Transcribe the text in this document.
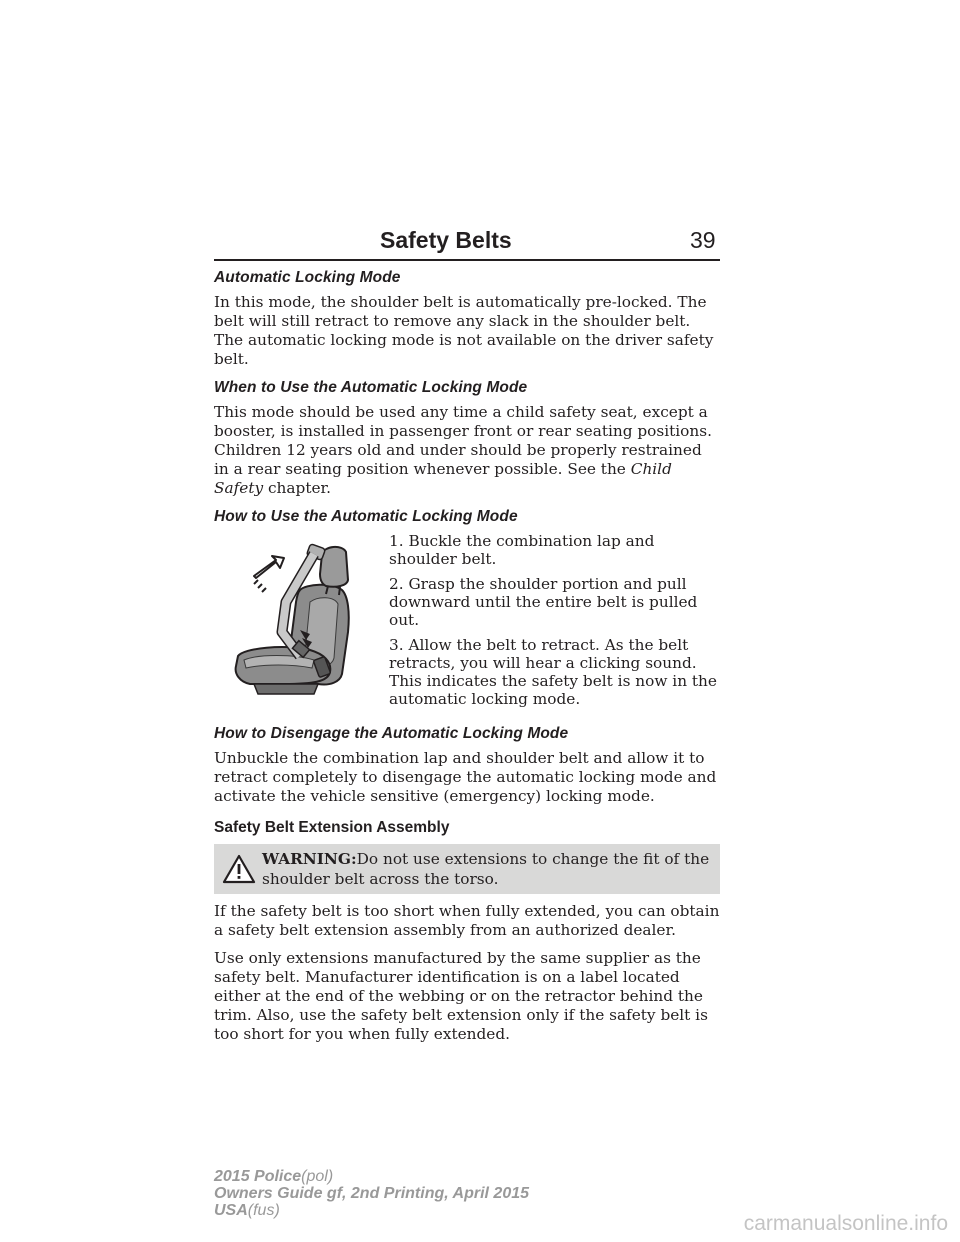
Safety Belts	39
Automatic Locking Mode

In this mode, the shoulder belt is automatically pre-locked. The belt will still retract to remove any slack in the shoulder belt. The automatic locking mode is not available on the driver safety belt.

When to Use the Automatic Locking Mode

This mode should be used any time a child safety seat, except a booster, is installed in passenger front or rear seating positions. Children 12 years old and under should be properly restrained in a rear seating position whenever possible. See the Child Safety chapter.

How to Use the Automatic Locking Mode

1. Buckle the combination lap and shoulder belt.

2. Grasp the shoulder portion and pull downward until the entire belt is pulled out.

3. Allow the belt to retract. As the belt retracts, you will hear a clicking sound. This indicates the safety belt is now in the automatic locking mode.

How to Disengage the Automatic Locking Mode

Unbuckle the combination lap and shoulder belt and allow it to retract completely to disengage the automatic locking mode and activate the vehicle sensitive (emergency) locking mode.

Safety Belt Extension Assembly
WARNING:Do not use extensions to change the fit of the shoulder belt across the torso.

If the safety belt is too short when fully extended, you can obtain a safety belt extension assembly from an authorized dealer.

Use only extensions manufactured by the same supplier as the safety belt. Manufacturer identification is on a label located either at the end of the webbing or on the retractor behind the trim. Also, use the safety belt extension only if the safety belt is too short for you when fully extended.

2015 Police(pol)
Owners Guide gf, 2nd Printing, April 2015
USA(fus)
carmanualsonline.info
